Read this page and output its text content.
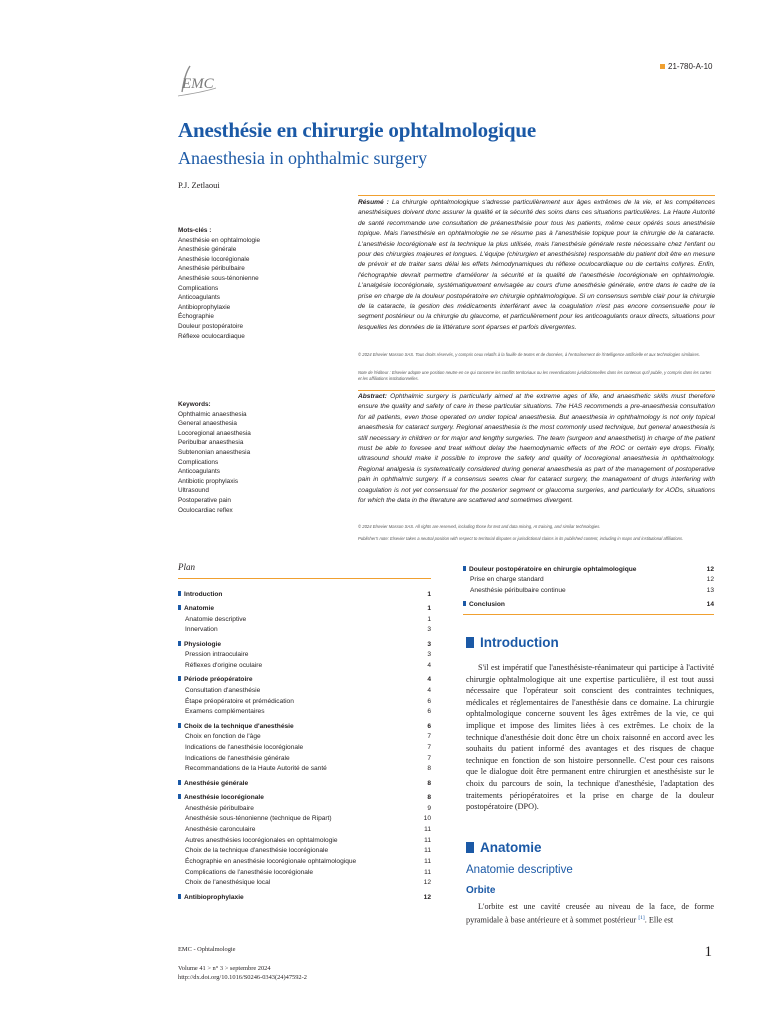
EMC
21-780-A-10
Anesthésie en chirurgie ophtalmologique
Anaesthesia in ophthalmic surgery
P.J. Zetlaoui
Résumé : La chirurgie ophtalmologique s'adresse particulièrement aux âges extrêmes de la vie, et les compétences anesthésiques doivent donc assurer la qualité et la sécurité des soins dans ces situations particulières. La Haute Autorité de santé recommande une consultation de préanesthésie pour tous les patients, même ceux opérés sous anesthésie topique. Mais l'anesthésie en ophtalmologie ne se résume pas à l'anesthésie topique pour la chirurgie de la cataracte. L'anesthésie locorégionale est la technique la plus utilisée, mais l'anesthésie générale reste nécessaire chez l'enfant ou pour des chirurgies majeures et longues. L'équipe (chirurgien et anesthésiste) responsable du patient doit être en mesure de prévoir et de traiter sans délai les effets hémodynamiques du réflexe oculocardiaque ou de certains collyres. Enfin, l'échographie devrait permettre d'améliorer la sécurité et la qualité de l'anesthésie locorégionale en ophtalmologie. L'analgésie locorégionale, systématiquement envisagée au cours d'une anesthésie générale, entre dans le cadre de la prise en charge de la douleur postopératoire en chirurgie ophtalmologique. Si un consensus semble clair pour la chirurgie de la cataracte, la gestion des médicaments interférant avec la coagulation n'est pas encore consensuelle pour le segment postérieur ou la chirurgie du glaucome, et particulièrement pour les anticoagulants oraux directs, situations pour lesquelles les données de la littérature sont éparses et parfois divergentes.
© 2024 Elsevier Masson SAS. Tous droits réservés, y compris ceux relatifs à la fouille de textes et de données, à l'entraînement de l'intelligence artificielle et aux technologies similaires.
Note de l'éditeur : Elsevier adopte une position neutre en ce qui concerne les conflits territoriaux ou les revendications juridictionnelles dans les contenus qu'il publie, y compris dans les cartes et les affiliations institutionnelles.
Mots-clés :
Anesthésie en ophtalmologie
Anesthésie générale
Anesthésie locorégionale
Anesthésie péribulbaire
Anesthésie sous-ténonienne
Complications
Anticoagulants
Antibioprophylaxie
Échographie
Douleur postopératoire
Réflexe oculocardiaque
Abstract: Ophthalmic surgery is particularly aimed at the extreme ages of life, and anaesthetic skills must therefore ensure the quality and safety of care in these particular situations. The HAS recommends a pre-anaesthesia consultation for all patients, even those operated on under topical anaesthesia. But anaesthesia in ophthalmology is not only topical anaesthesia for cataract surgery. Regional anaesthesia is the most commonly used technique, but general anaesthesia is still necessary in children or for major and lengthy surgeries. The team (surgeon and anaesthetist) in charge of the patient must be able to foresee and treat without delay the haemodynamic effects of the ROC or certain eye drops. Finally, ultrasound should make it possible to improve the safety and quality of locoregional anaesthesia in ophthalmology. Regional analgesia is systematically considered during general anaesthesia as part of the management of postoperative pain in ophthalmic surgery. If a consensus seems clear for cataract surgery, the management of drugs interfering with coagulation is not yet consensual for the posterior segment or glaucoma surgeries, and particularly for AODs, situations for which the data in the literature are scattered and sometimes divergent.
© 2024 Elsevier Masson SAS. All rights are reserved, including those for text and data mining, AI training, and similar technologies.
Publisher's note: Elsevier takes a neutral position with respect to territorial disputes or jurisdictional claims in its published content, including in maps and institutional affiliations.
Keywords:
Ophthalmic anaesthesia
General anaesthesia
Locoregional anaesthesia
Peribulbar anaesthesia
Subtenonian anaesthesia
Complications
Anticoagulants
Antibiotic prophylaxis
Ultrasound
Postoperative pain
Oculocardiac reflex
Plan
Introduction	1
Anatomie	1
Anatomie descriptive	1
Innervation	3
Physiologie	3
Pression intraoculaire	3
Réflexes d'origine oculaire	4
Période préopératoire	4
Consultation d'anesthésie	4
Étape préopératoire et prémédication	6
Examens complémentaires	6
Choix de la technique d'anesthésie	6
Choix en fonction de l'âge	7
Indications de l'anesthésie locorégionale	7
Indications de l'anesthésie générale	7
Recommandations de la Haute Autorité de santé	8
Anesthésie générale	8
Anesthésie locorégionale	8
Anesthésie péribulbaire	9
Anesthésie sous-ténonienne (technique de Ripart)	10
Anesthésie caronculaire	11
Autres anesthésies locorégionales en ophtalmologie	11
Choix de la technique d'anesthésie locorégionale	11
Échographie en anesthésie locorégionale ophtalmologique	11
Complications de l'anesthésie locorégionale	11
Choix de l'anesthésique local	12
Antibioprophylaxie	12
Douleur postopératoire en chirurgie ophtalmologique	12
Prise en charge standard	12
Anesthésie péribulbaire continue	13
Conclusion	14
Introduction

S'il est impératif que l'anesthésiste-réanimateur qui participe à l'activité chirurgie ophtalmologique ait une expertise particulière, il est tout aussi nécessaire que l'opérateur soit conscient des contraintes techniques, médicales et réglementaires de l'anesthésie dans ce domaine. La chirurgie ophtalmologique concerne souvent les âges extrêmes de la vie, ce qui implique et impose des limites liées à ces extrêmes. Le choix de la technique d'anesthésie doit donc être un choix raisonné en accord avec les souhaits du patient informé des avantages et des risques de chaque technique en fonction de son histoire personnelle. C'est pour ces raisons que le dialogue doit être permanent entre chirurgien et anesthésiste sur le choix du parcours de soin, la technique d'anesthésie, l'adaptation des traitements périopératoires et la prise en charge de la douleur postopératoire (DPO).

Anatomie
Anatomie descriptive
Orbite

L'orbite est une cavité creusée au niveau de la face, de forme pyramidale à base antérieure et à sommet postérieur [1]. Elle est

EMC - Ophtalmologie
Volume 41 > n° 3 > septembre 2024
http://dx.doi.org/10.1016/S0246-0343(24)47592-2
1
